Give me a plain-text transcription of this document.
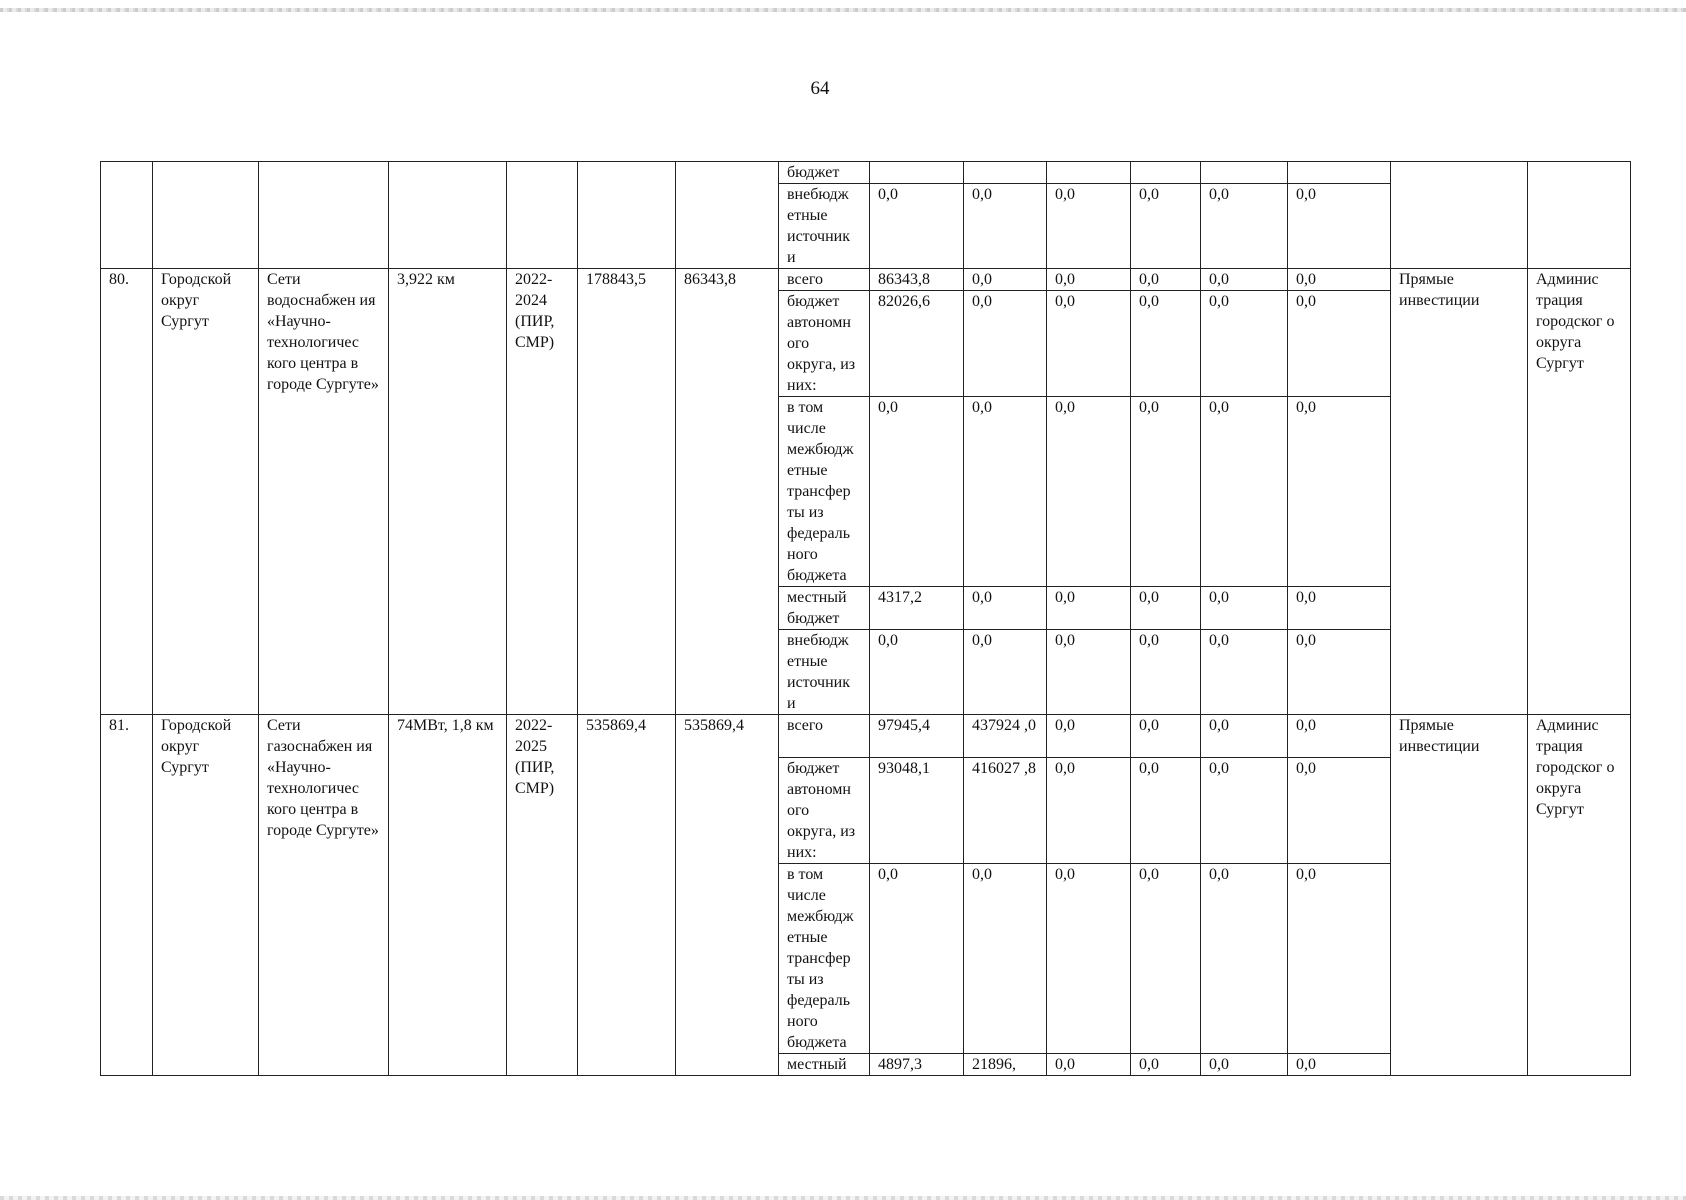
64
							бюджет								
							внебюдж етные источник и	0,0	0,0	0,0	0,0	0,0	0,0		
80.	Городской округ Сургут	Сети водоснабжен ия «Научно-технологичес кого центра в городе Сургуте»	3,922 км	2022-2024 (ПИР, СМР)	178843,5	86343,8	всего	86343,8	0,0	0,0	0,0	0,0	0,0	Прямые инвестиции	Админис трация городског о округа Сургут
							бюджет автономн ого округа, из них:	82026,6	0,0	0,0	0,0	0,0	0,0		
							в том числе межбюдж етные трансфер ты из федераль ного бюджета	0,0	0,0	0,0	0,0	0,0	0,0		
							местный бюджет	4317,2	0,0	0,0	0,0	0,0	0,0		
							внебюдж етные источник и	0,0	0,0	0,0	0,0	0,0	0,0		
81.	Городской округ Сургут	Сети газоснабжен ия «Научно-технологичес кого центра в городе Сургуте»	74МВт, 1,8 км	2022-2025 (ПИР, СМР)	535869,4	535869,4	всего	97945,4	437924 ,0	0,0	0,0	0,0	0,0	Прямые инвестиции	Админис трация городског о округа Сургут
							бюджет автономн ого округа, из них:	93048,1	416027 ,8	0,0	0,0	0,0	0,0		
							в том числе межбюдж етные трансфер ты из федераль ного бюджета	0,0	0,0	0,0	0,0	0,0	0,0		
							местный	4897,3	21896,	0,0	0,0	0,0	0,0		
